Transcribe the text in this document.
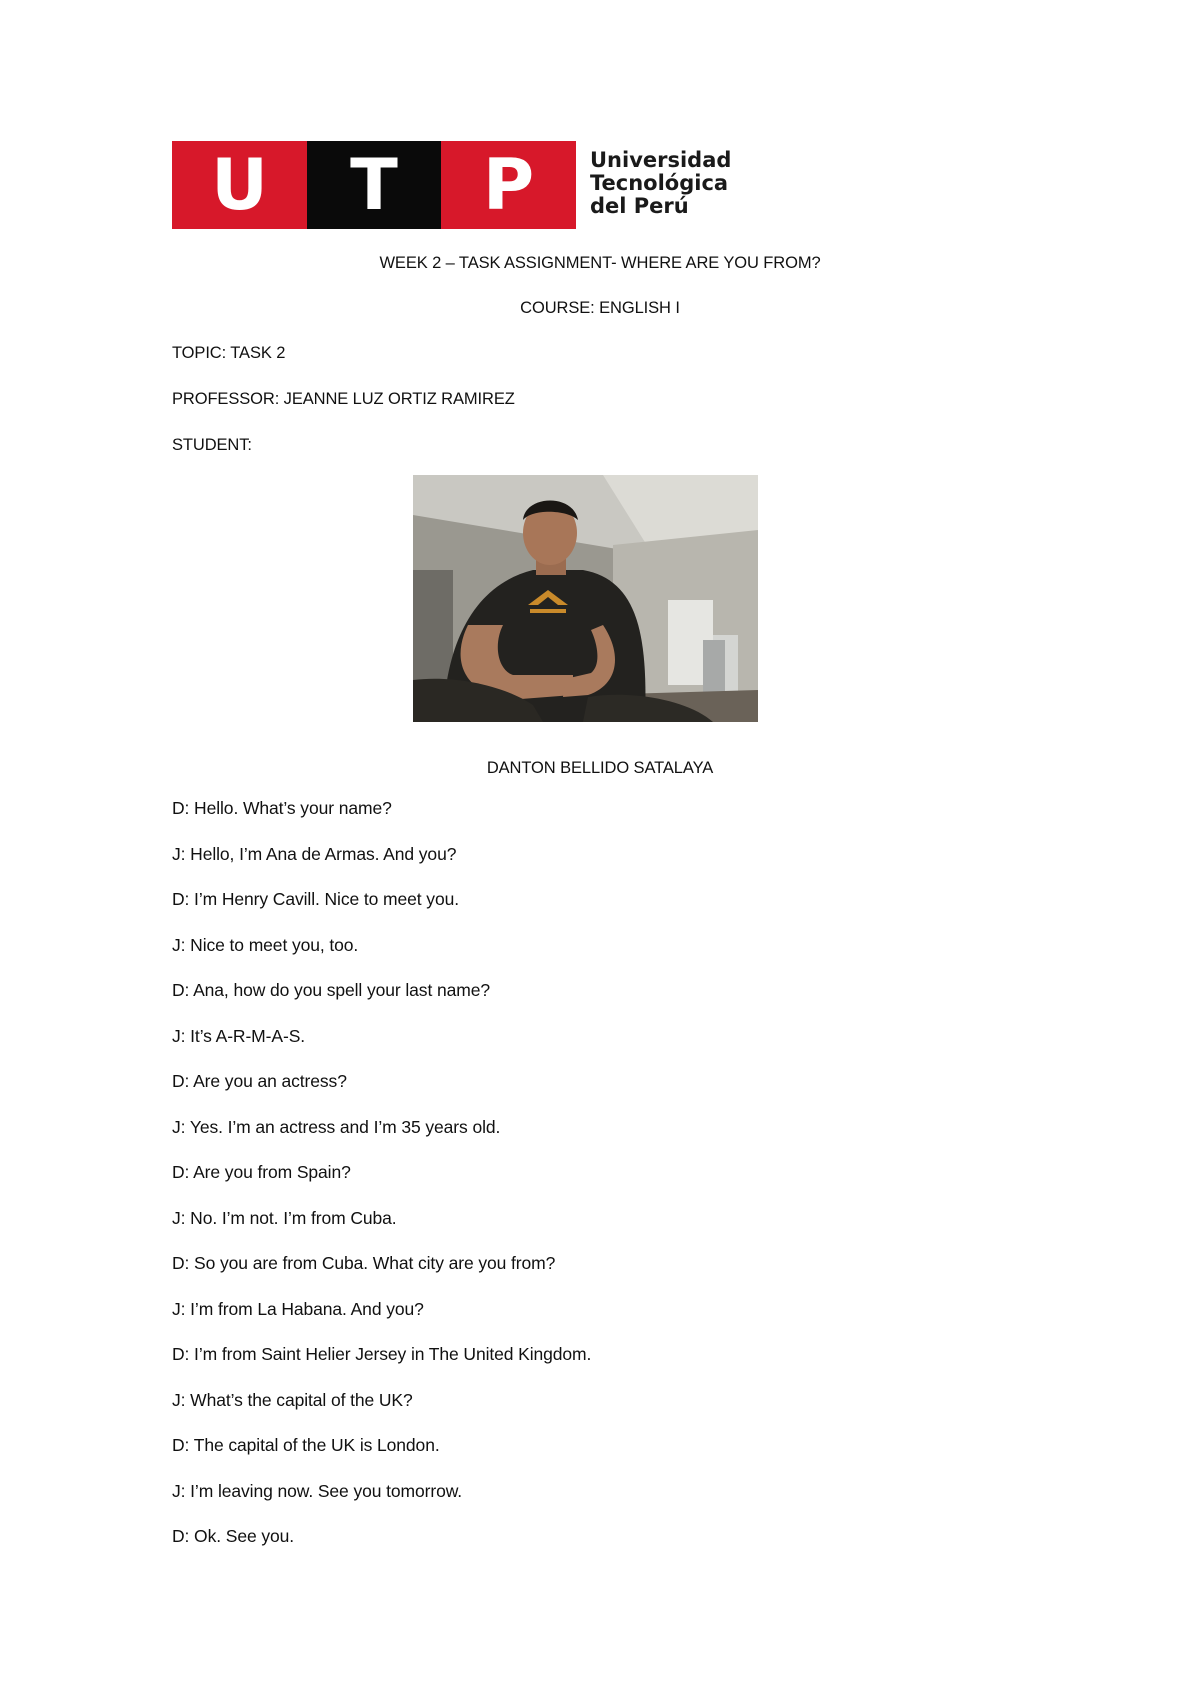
U	T	P	Universidad
Tecnológica
del Perú
WEEK 2 – TASK ASSIGNMENT- WHERE ARE YOU FROM?
COURSE: ENGLISH I
TOPIC: TASK 2
PROFESSOR: JEANNE LUZ ORTIZ RAMIREZ
STUDENT:
DANTON BELLIDO SATALAYA
D: Hello. What’s your name?
J: Hello, I’m Ana de Armas. And you?
D: I’m Henry Cavill. Nice to meet you.
J: Nice to meet you, too.
D: Ana, how do you spell your last name?
J: It’s A-R-M-A-S.
D: Are you an actress?
J: Yes. I’m an actress and I’m 35 years old.
D: Are you from Spain?
J: No. I’m not. I’m from Cuba.
D: So you are from Cuba. What city are you from?
J: I’m from La Habana. And you?
D: I’m from Saint Helier Jersey in The United Kingdom.
J: What’s the capital of the UK?
D: The capital of the UK is London.
J: I’m leaving now. See you tomorrow.
D: Ok. See you.
